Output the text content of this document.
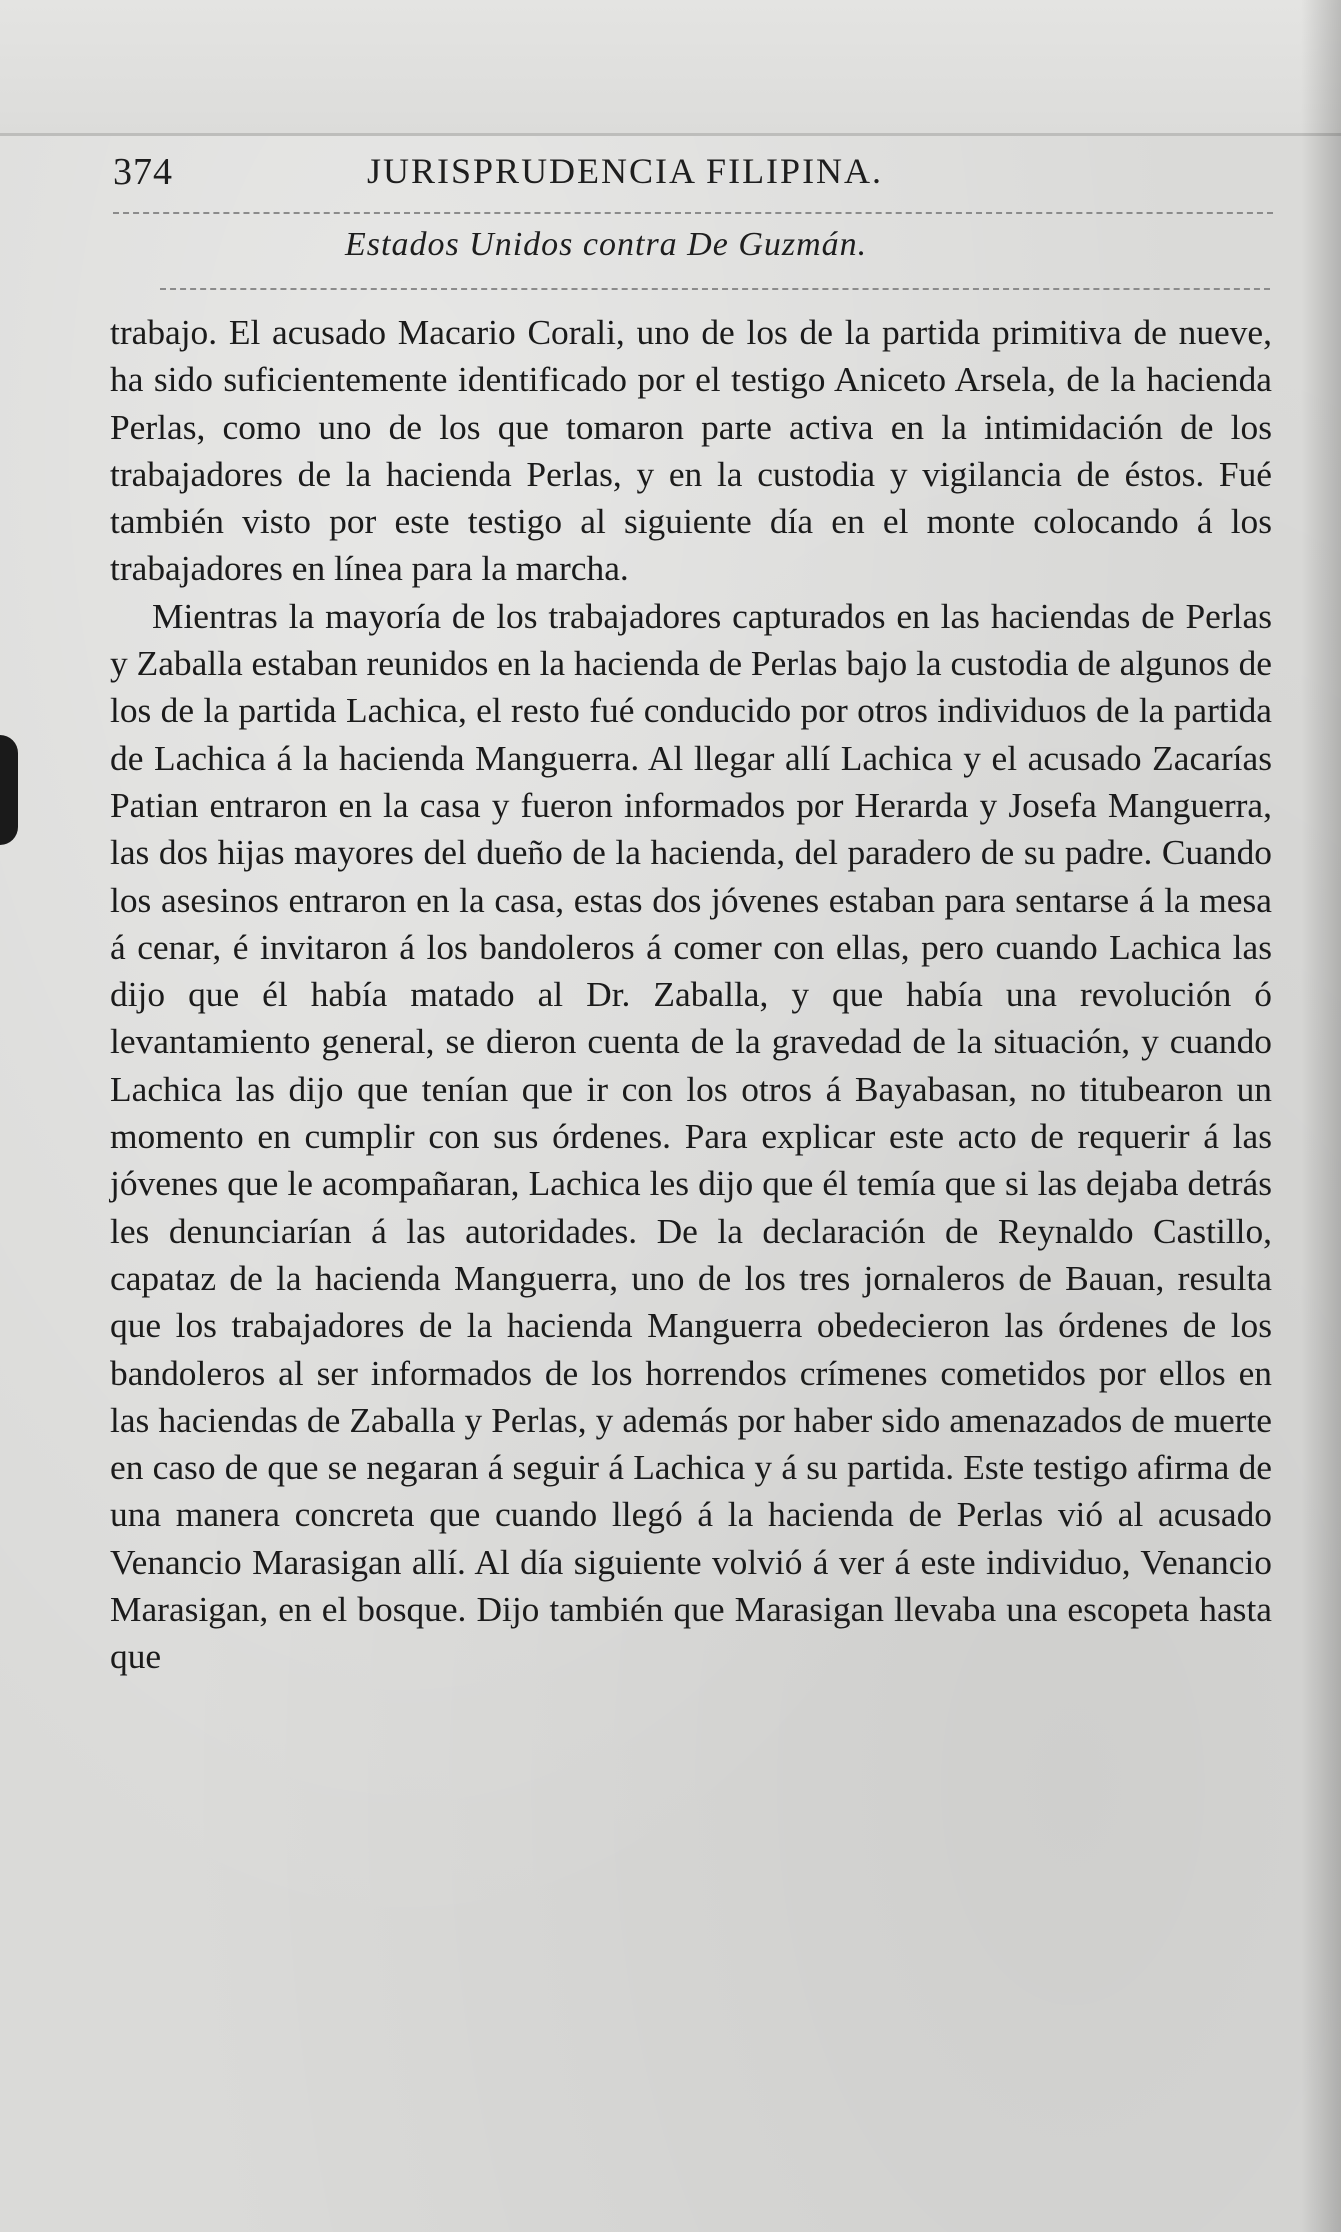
374	JURISPRUDENCIA FILIPINA.
Estados Unidos contra De Guzmán.

trabajo. El acusado Macario Corali, uno de los de la partida primitiva de nueve, ha sido suficientemente identificado por el testigo Aniceto Arsela, de la hacienda Perlas, como uno de los que tomaron parte activa en la intimidación de los trabajadores de la hacienda Perlas, y en la custodia y vigilancia de éstos. Fué también visto por este testigo al siguiente día en el monte colocando á los trabajadores en línea para la marcha.

Mientras la mayoría de los trabajadores capturados en las haciendas de Perlas y Zaballa estaban reunidos en la hacienda de Perlas bajo la custodia de algunos de los de la partida Lachica, el resto fué conducido por otros individuos de la partida de Lachica á la hacienda Manguerra. Al llegar allí Lachica y el acusado Zacarías Patian entraron en la casa y fueron informados por Herarda y Josefa Manguerra, las dos hijas mayores del dueño de la hacienda, del paradero de su padre. Cuando los asesinos entraron en la casa, estas dos jóvenes estaban para sentarse á la mesa á cenar, é invitaron á los bandoleros á comer con ellas, pero cuando Lachica las dijo que él había matado al Dr. Zaballa, y que había una revolución ó levantamiento general, se dieron cuenta de la gravedad de la situación, y cuando Lachica las dijo que tenían que ir con los otros á Bayabasan, no titubearon un momento en cumplir con sus órdenes. Para explicar este acto de requerir á las jóvenes que le acompañaran, Lachica les dijo que él temía que si las dejaba detrás les denunciarían á las autoridades. De la declaración de Reynaldo Castillo, capataz de la hacienda Manguerra, uno de los tres jornaleros de Bauan, resulta que los trabajadores de la hacienda Manguerra obedecieron las órdenes de los bandoleros al ser informados de los horrendos crímenes cometidos por ellos en las haciendas de Zaballa y Perlas, y además por haber sido amenazados de muerte en caso de que se negaran á seguir á Lachica y á su partida. Este testigo afirma de una manera concreta que cuando llegó á la hacienda de Perlas vió al acusado Venancio Marasigan allí. Al día siguiente volvió á ver á este individuo, Venancio Marasigan, en el bosque. Dijo también que Marasigan llevaba una escopeta hasta que
